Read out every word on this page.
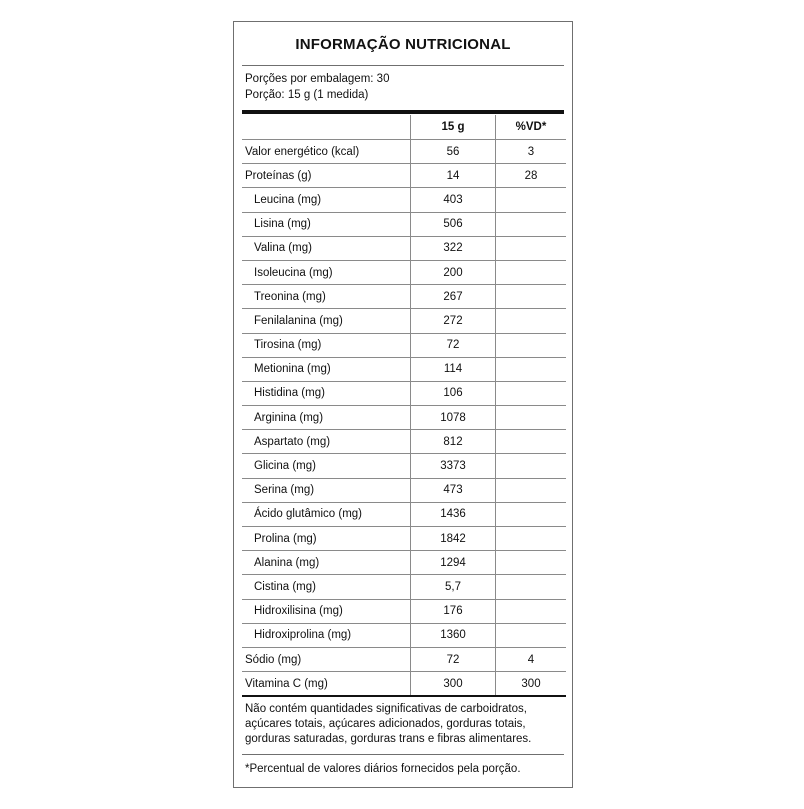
INFORMAÇÃO NUTRICIONAL
Porções por embalagem: 30
Porção: 15 g (1 medida)
	15 g	%VD*
Valor energético (kcal)	56	3
Proteínas (g)	14	28
Leucina (mg)	403	
Lisina (mg)	506	
Valina (mg)	322	
Isoleucina (mg)	200	
Treonina (mg)	267	
Fenilalanina (mg)	272	
Tirosina (mg)	72	
Metionina (mg)	114	
Histidina (mg)	106	
Arginina (mg)	1078	
Aspartato (mg)	812	
Glicina (mg)	3373	
Serina (mg)	473	
Ácido glutâmico (mg)	1436	
Prolina (mg)	1842	
Alanina (mg)	1294	
Cistina (mg)	5,7	
Hidroxilisina (mg)	176	
Hidroxiprolina (mg)	1360	
Sódio (mg)	72	4
Vitamina C (mg)	300	300
Não contém quantidades significativas de carboidratos, açúcares totais, açúcares adicionados, gorduras totais, gorduras saturadas, gorduras trans e fibras alimentares.
*Percentual de valores diários fornecidos pela porção.
